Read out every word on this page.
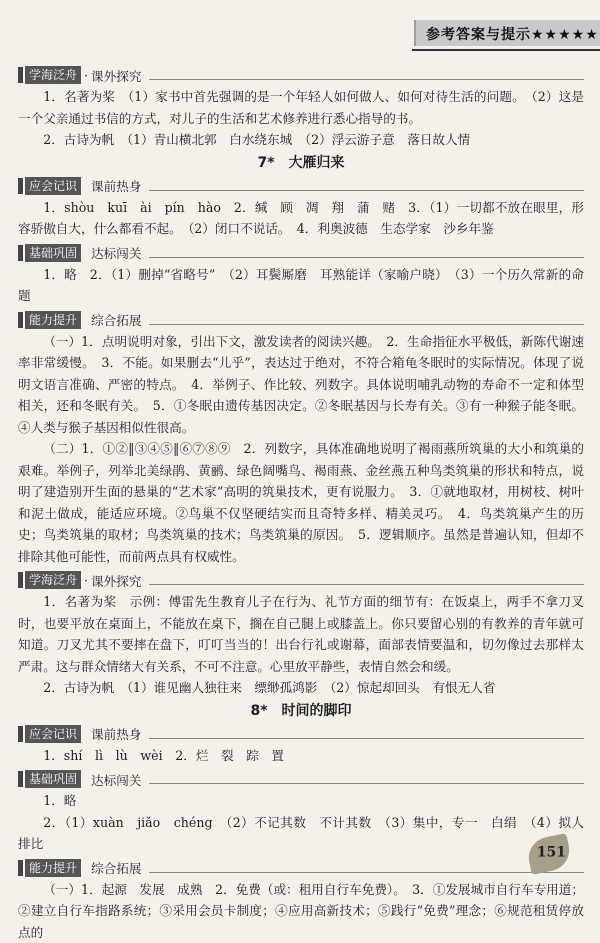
参考答案与提示★★★★★
学海泛舟 · 课外探究
1．名著为桨　（1）家书中首先强调的是一个年轻人如何做人、如何对待生活的问题。　（2）这是一个父亲通过书信的方式，对儿子的生活和艺术修养进行悉心指导的书。
2．古诗为帆　（1）青山横北郭　白水绕东城　（2）浮云游子意　落日故人情
7*　大雁归来
应会记识
	课前热身
1．shòu　kuī　ài　pín　hào　2．缄　顾　凋　翔　蒲　赌　3．（1）一切都不放在眼里，形容骄傲自大，什么都看不起。　（2）闭口不说话。　4．利奥波德　生态学家　沙乡年鉴
基础巩固
	达标闯关
1．略　2．（1）删掉“省略号”　（2）耳鬓厮磨　耳熟能详（家喻户晓）　（3）一个历久常新的命题
能力提升
	综合拓展
（一）1．点明说明对象，引出下文，激发读者的阅读兴趣。　2．生命指征水平极低，新陈代谢速率非常缓慢。　3．不能。如果删去“儿乎”，表达过于绝对，不符合箱龟冬眠时的实际情况。体现了说明文语言准确、严密的特点。　4．举例子、作比较、列数字。具体说明哺乳动物的寿命不一定和体型相关，还和冬眠有关。　5．①冬眠由遗传基因决定。②冬眠基因与长寿有关。③有一种猴子能冬眠。④人类与猴子基因相似性很高。
（二）1．①②‖③④⑤‖⑥⑦⑧⑨　2．列数字，具体准确地说明了褐雨燕所筑巢的大小和筑巢的艰难。举例子，列举北美绿鹃、黄鹂、绿色阔嘴鸟、褐雨燕、金丝燕五种鸟类筑巢的形状和特点，说明了建造别开生面的悬巢的“艺术家”高明的筑巢技术，更有说服力。　3．①就地取材，用树枝、树叶和泥土做成，能适应环境。②鸟巢不仅坚硬结实而且奇特多样、精美灵巧。　4．鸟类筑巢产生的历史；鸟类筑巢的取材；鸟类筑巢的技术；鸟类筑巢的原因。　5．逻辑顺序。虽然是普遍认知，但却不排除其他可能性，而前两点具有权威性。
学海泛舟 · 课外探究
1．名著为桨　示例：傅雷先生教育儿子在行为、礼节方面的细节有：在饭桌上，两手不拿刀叉时，也要平放在桌面上，不能放在桌下，搁在自己腿上或膝盖上。你只要留心别的有教养的青年就可知道。刀叉尤其不要摔在盘下，叮叮当当的！出台行礼或谢幕，面部表情要温和，切勿像过去那样太严肃。这与群众情绪大有关系，不可不注意。心里放平静些，表情自然会和缓。
2．古诗为帆　（1）谁见幽人独往来　缥缈孤鸿影　（2）惊起却回头　有恨无人省
8*　时间的脚印
应会记识
	课前热身
1．shí　lì　lù　wèi　2．烂　裂　踪　置
基础巩固
	达标闯关
1．略
2．（1）xuàn　jiǎo　chéng　（2）不记其数　不计其数　（3）集中，专一　白绢　（4）拟人　排比
能力提升
	综合拓展
（一）1．起源　发展　成熟　2．免费（或：租用自行车免费）。　3．①发展城市自行车专用道；②建立自行车指路系统；③采用会员卡制度；④应用高新技术；⑤践行“免费”理念；⑥规范租赁停放点的
151
